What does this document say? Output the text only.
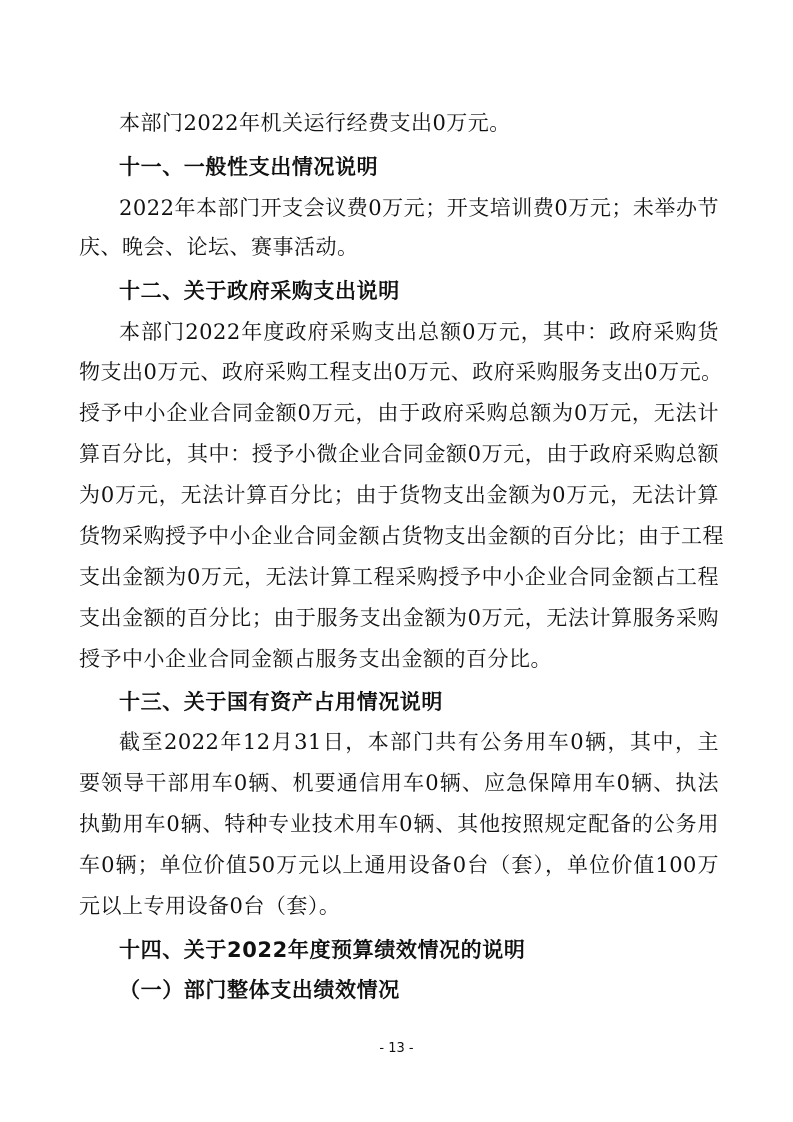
本部门2022年机关运行经费支出0万元。
十一、一般性支出情况说明
2022年本部门开支会议费0万元；开支培训费0万元；未举办节
庆、晚会、论坛、赛事活动。
十二、关于政府采购支出说明
本部门2022年度政府采购支出总额0万元，其中：政府采购货
物支出0万元、政府采购工程支出0万元、政府采购服务支出0万元。
授予中小企业合同金额0万元，由于政府采购总额为0万元，无法计
算百分比，其中：授予小微企业合同金额0万元，由于政府采购总额
为0万元，无法计算百分比；由于货物支出金额为0万元，无法计算
货物采购授予中小企业合同金额占货物支出金额的百分比；由于工程
支出金额为0万元，无法计算工程采购授予中小企业合同金额占工程
支出金额的百分比；由于服务支出金额为0万元，无法计算服务采购
授予中小企业合同金额占服务支出金额的百分比。
十三、关于国有资产占用情况说明
截至2022年12月31日，本部门共有公务用车0辆，其中，主
要领导干部用车0辆、机要通信用车0辆、应急保障用车0辆、执法
执勤用车0辆、特种专业技术用车0辆、其他按照规定配备的公务用
车0辆；单位价值50万元以上通用设备0台（套），单位价值100万
元以上专用设备0台（套）。
十四、关于2022年度预算绩效情况的说明
（一）部门整体支出绩效情况
- 13 -
